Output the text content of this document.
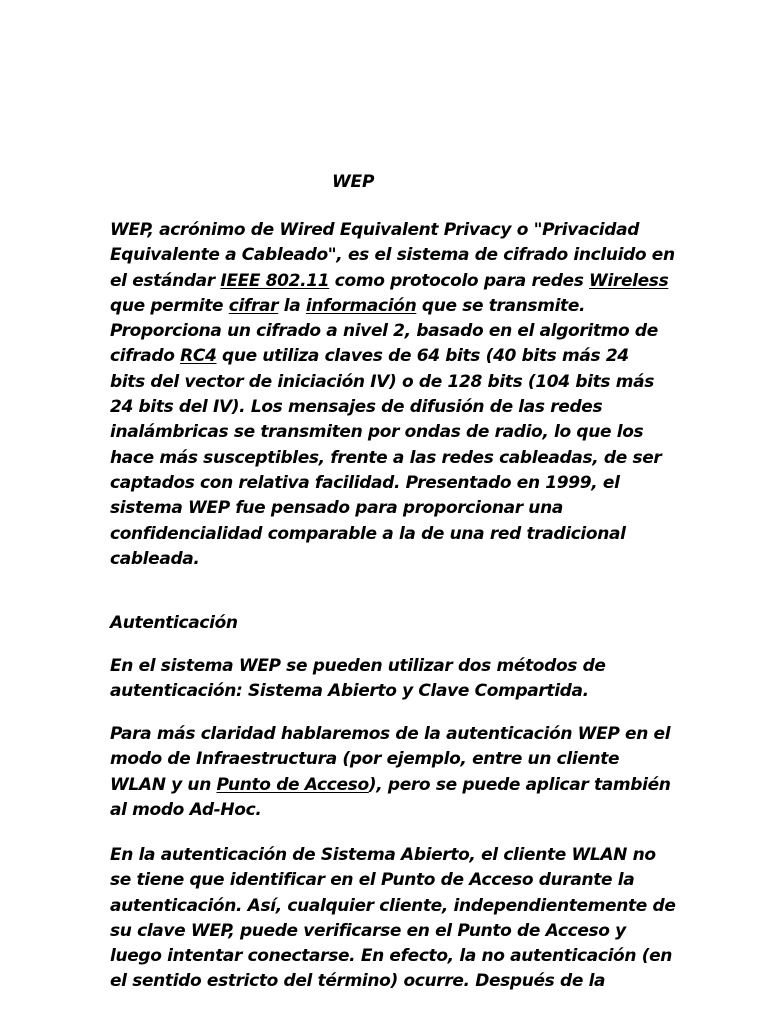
WEP
WEP, acrónimo de Wired Equivalent Privacy o "Privacidad
Equivalente a Cableado", es el sistema de cifrado incluido en
el estándar IEEE 802.11 como protocolo para redes Wireless
que permite cifrar la información que se transmite.
Proporciona un cifrado a nivel 2, basado en el algoritmo de
cifrado RC4 que utiliza claves de 64 bits (40 bits más 24
bits del vector de iniciación IV) o de 128 bits (104 bits más
24 bits del IV). Los mensajes de difusión de las redes
inalámbricas se transmiten por ondas de radio, lo que los
hace más susceptibles, frente a las redes cableadas, de ser
captados con relativa facilidad. Presentado en 1999, el
sistema WEP fue pensado para proporcionar una
confidencialidad comparable a la de una red tradicional
cableada.
Autenticación
En el sistema WEP se pueden utilizar dos métodos de
autenticación: Sistema Abierto y Clave Compartida.
Para más claridad hablaremos de la autenticación WEP en el
modo de Infraestructura (por ejemplo, entre un cliente
WLAN y un Punto de Acceso), pero se puede aplicar también
al modo Ad-Hoc.
En la autenticación de Sistema Abierto, el cliente WLAN no
se tiene que identificar en el Punto de Acceso durante la
autenticación. Así, cualquier cliente, independientemente de
su clave WEP, puede verificarse en el Punto de Acceso y
luego intentar conectarse. En efecto, la no autenticación (en
el sentido estricto del término) ocurre. Después de la
